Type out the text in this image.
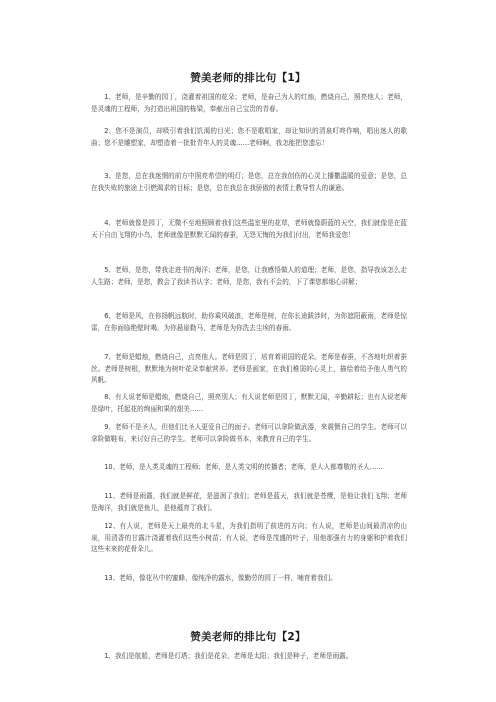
赞美老师的排比句【1】

1、老师，是辛勤的园丁，浇灌着祖国的花朵；老师，是奋己为人的红烛，燃烧自己，照亮他人；老师，是灵魂的工程师，为打造出祖国的栋梁，奉献出自己宝贵的青春。

2、您不是演员，却吸引着我们饥渴的目光；您不是歌唱家，却让知识的清泉叮咚作响，唱出迷人的歌曲；您不是雕塑家，却塑造着一批批青年人的灵魂……老师啊，我怎能把您遗忘！

3、是您，总在我迷惘的前方中照亮希望的明灯；是您，总在我创伤的心灵上播撒温暖的爱意；是您，总在我失败的旅途上引燃渴求的目标；是您，总在我总在我骄傲的表情上教导哲人的谦逊。

4、老师就像是园丁，无微不至地照顾着我们这些温室里的花草，老师就像蔚蓝的天空，我们就像是在蓝天下自由飞翔的小鸟，老师就像是默默无闻的春蚕，无怨无悔的为我们付出，老师我爱您！

5、老师，是您，带我走进书的海洋；老师，是您，让我感悟做人的道理；老师，是您，指导我该怎么走人生路；老师，是您，教会了我读书认字；老师，是您，我有不会的，下了课您都细心讲解；

6、老师是风，在你扬帆远航时，助你乘风破浪，老师是树，在你长途跋涉时，为你遮阳蔽雨，老师是惊雷，在你面临绝壁时喝，为你悬崖勒马，老师是为你洗去尘埃的春雨。

7、老师是蜡烛，燃烧自己，点亮他人。老师是园丁，培育着祖国的花朵。老师是春蚕，不吝地吐织着蚕丝。老师是树根，默默地为树叶花朵奉献营养。老师是画家，在我们稚弱的心灵上，描绘着给予他人勇气的风帆。

8、有人说老师是蜡烛，燃烧自己，照亮别人；有人说老师是园丁，默默无闻，辛勤耕耘；也有人说老师是绿叶，托起花的绚丽和果的甜美……

9、老师不是圣人，但他们比圣人更爱自己的面子。老师可以拿险做武器，来震慑自己的学生。老师可以拿险做鞋布，来讨好自己的学生。老师可以拿险做书本，来教育自己的学生。

10、老师，是人类灵魂的工程师；老师，是人类文明的传播者；老师，是人人都尊敬的圣人……

11、老师是雨露，我们就是鲜花，是滋润了我们；老师是蓝天，我们就是苍鹰，是他让我们飞翔；老师是海洋，我们就是鱼儿，是他蕴育了我们。

12、有人说，老师是天上最亮的北斗星，为我们指明了前进的方向；有人说，老师是山间最清凉的山泉，用清香的甘露汁浇灌着我们这些小树苗；有人说，老师是茂盛的叶子，用他那强有力的身躯和护着我们这些未来的花骨朵儿。

13、老师，像花丛中的蜜蜂，像纯净的露水，像勤劳的园丁一样，哺育着我们。

赞美老师的排比句【2】

1、我们是航船，老师是灯塔；我们是花朵，老师是太阳；我们是种子，老师是雨露。
